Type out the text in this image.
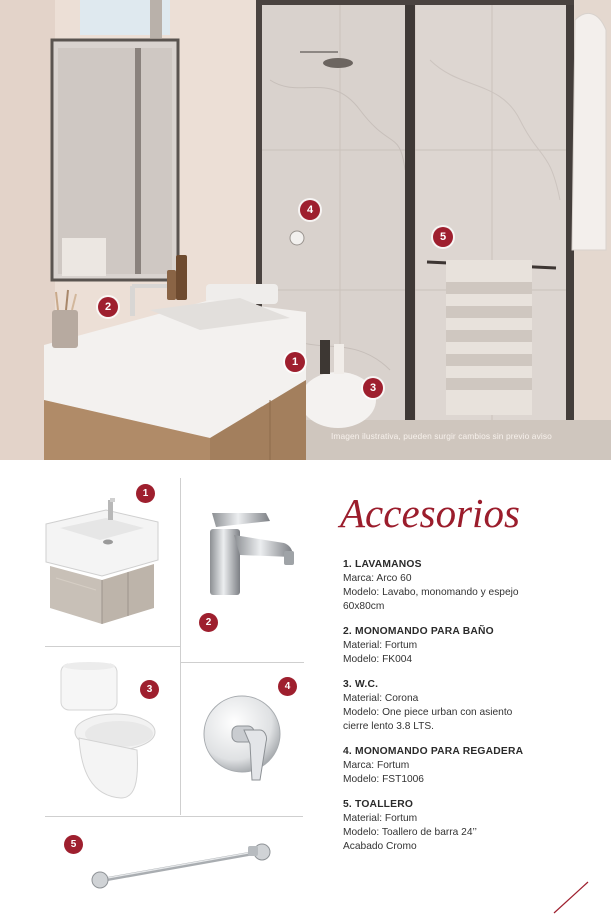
1
2
3
4
5
Imagen ilustrativa, pueden surgir cambios sin previo aviso
1
2
3	4
5
Accesorios
1. LAVAMANOS
Marca: Arco 60
Modelo: Lavabo, monomando y espejo
60x80cm
2. MONOMANDO PARA BAÑO
Material: Fortum
Modelo: FK004
3. W.C.
Material: Corona
Modelo: One piece urban con asiento
cierre lento 3.8 LTS.
4. MONOMANDO PARA REGADERA
Marca: Fortum
Modelo: FST1006
5. TOALLERO
Material: Fortum
Modelo: Toallero de barra 24’’
Acabado Cromo
